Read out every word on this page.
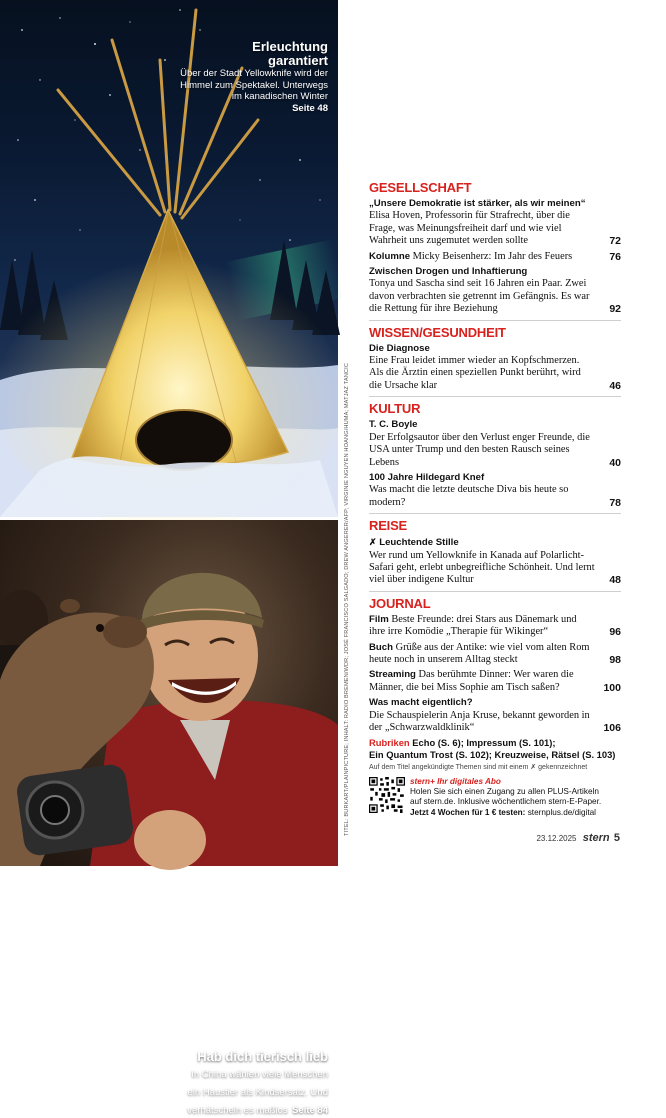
Erleuchtung
garantiert
Über der Stadt Yellowknife wird der Himmel zum Spektakel. Unterwegs im kanadischen Winter
Seite 48
Hab dich tierisch lieb
In China wählen viele Menschen ein Haustier als Kindsersatz. Und verhätscheln es maßlos Seite 84
TITEL: BURKART/PLAINPICTURE; INHALT: RADIO BREMEN/WDR; JOSÉ FRANCISCO SALGADO; DREW ANGERER/AFP; VIRGINIE NGUYEN HOANG/HUMA; MATJAZ TANCIC
GESELLSCHAFT
„Unsere Demokratie ist stärker, als wir meinen“
Elisa Hoven, Professorin für Strafrecht, über die Frage, was Meinungsfreiheit darf und wie viel Wahrheit uns zugemutet werden sollte	72
Kolumne Micky Beisenherz: Im Jahr des Feuers	76
Zwischen Drogen und Inhaftierung
Tonya und Sascha sind seit 16 Jahren ein Paar. Zwei davon verbrachten sie getrennt im Gefängnis. Es war die Rettung für ihre Beziehung	92
WISSEN/GESUNDHEIT
Die Diagnose
Eine Frau leidet immer wieder an Kopfschmerzen. Als die Ärztin einen speziellen Punkt berührt, wird die Ursache klar	46
KULTUR
T. C. Boyle
Der Erfolgsautor über den Verlust enger Freunde, die USA unter Trump und den besten Rausch seines Lebens	40
100 Jahre Hildegard Knef
Was macht die letzte deutsche Diva bis heute so modern?	78
REISE
✗ Leuchtende Stille
Wer rund um Yellowknife in Kanada auf Polarlicht-Safari geht, erlebt unbegreifliche Schönheit. Und lernt viel über indigene Kultur	48
JOURNAL
Film Beste Freunde: drei Stars aus Dänemark und ihre irre Komödie „Therapie für Wikinger“	96
Buch Grüße aus der Antike: wie viel vom alten Rom heute noch in unserem Alltag steckt	98
Streaming Das berühmte Dinner: Wer waren die Männer, die bei Miss Sophie am Tisch saßen?	100
Was macht eigentlich?
Die Schauspielerin Anja Kruse, bekannt geworden in der „Schwarzwaldklinik“	106
Rubriken Echo (S. 6); Impressum (S. 101);
Ein Quantum Trost (S. 102); Kreuzweise, Rätsel (S. 103)
Auf dem Titel angekündigte Themen sind mit einem ✗ gekennzeichnet
stern+ Ihr digitales Abo
Holen Sie sich einen Zugang zu allen PLUS-Artikeln
auf stern.de. Inklusive wöchentlichem stern-E-Paper.
Jetzt 4 Wochen für 1 € testen: sternplus.de/digital
23.12.2025 stern 5
